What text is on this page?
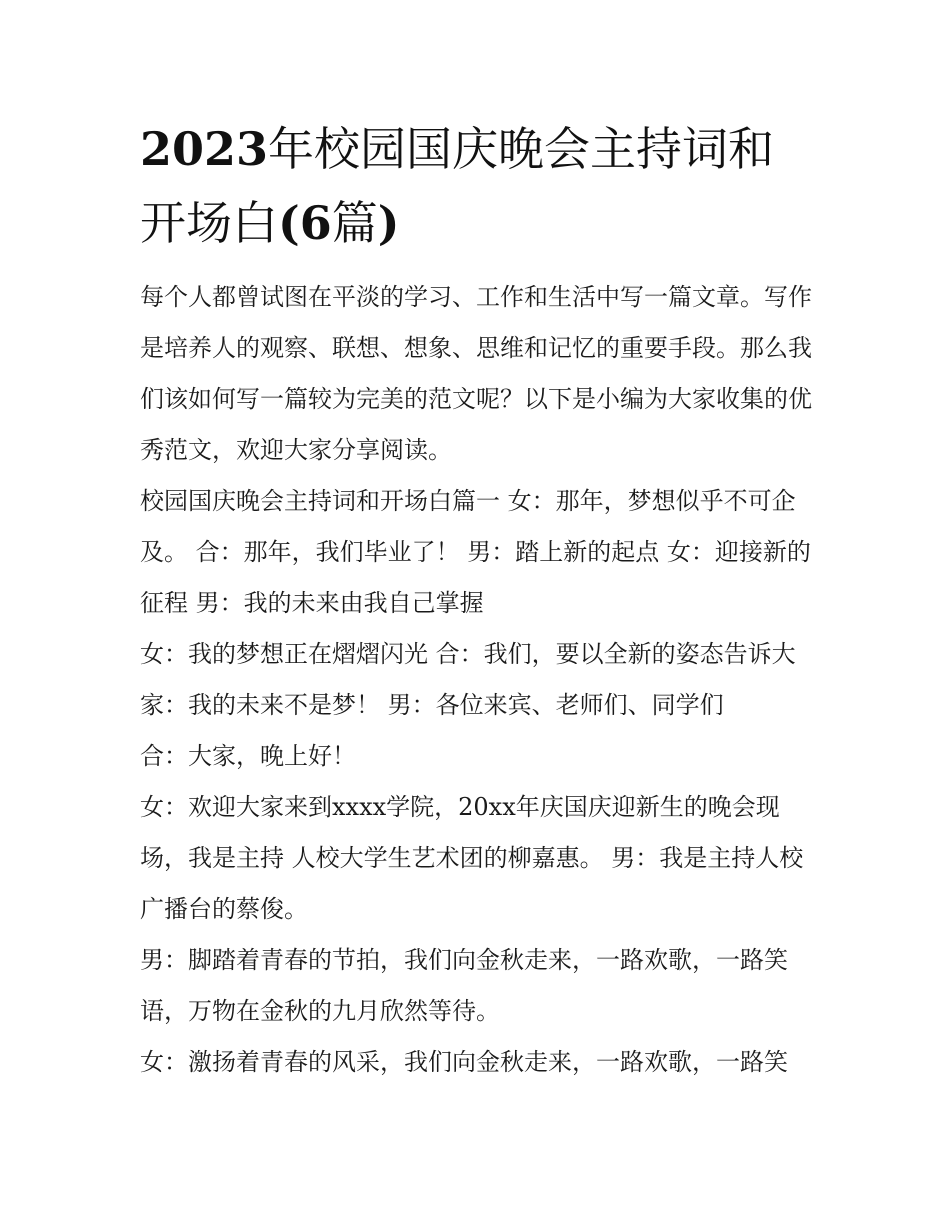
2023年校园国庆晚会主持词和开场白(6篇)

每个人都曾试图在平淡的学习、工作和生活中写一篇文章。写作是培养人的观察、联想、想象、思维和记忆的重要手段。那么我们该如何写一篇较为完美的范文呢？以下是小编为大家收集的优秀范文，欢迎大家分享阅读。

校园国庆晚会主持词和开场白篇一 女：那年，梦想似乎不可企及。 合：那年，我们毕业了！ 男：踏上新的起点 女：迎接新的征程 男：我的未来由我自己掌握

女：我的梦想正在熠熠闪光 合：我们，要以全新的姿态告诉大家：我的未来不是梦！ 男：各位来宾、老师们、同学们

合：大家，晚上好！

女：欢迎大家来到xxxx学院，20xx年庆国庆迎新生的晚会现场，我是主持 人校大学生艺术团的柳嘉惠。 男：我是主持人校广播台的蔡俊。

男：脚踏着青春的节拍，我们向金秋走来，一路欢歌，一路笑语，万物在金秋的九月欣然等待。

女：激扬着青春的风采，我们向金秋走来，一路欢歌，一路笑
